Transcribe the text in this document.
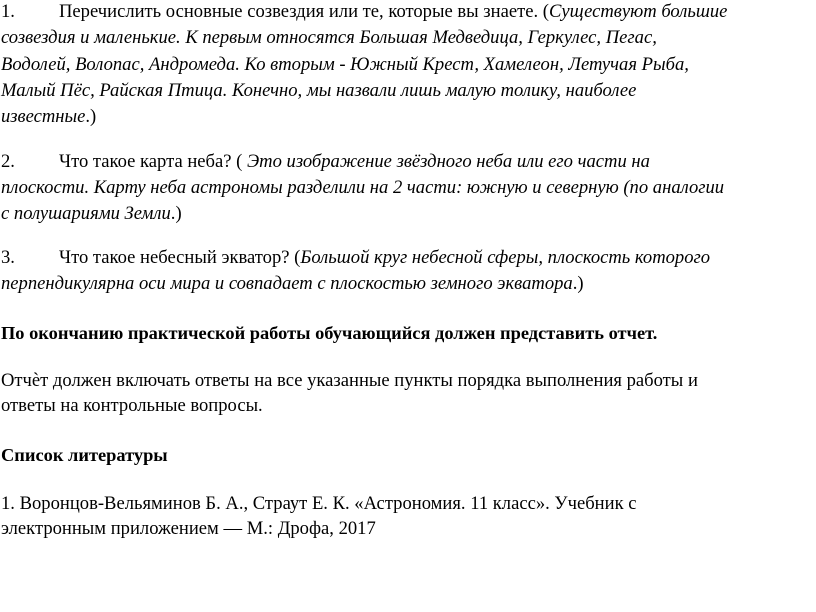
1. Перечислить основные созвездия или те, которые вы знаете. (Существуют большие
созвездия и маленькие. К первым относятся Большая Медведица, Геркулес, Пегас,
Водолей, Волопас, Андромеда. Ко вторым - Южный Крест, Хамелеон, Летучая Рыба,
Малый Пёс, Райская Птица. Конечно, мы назвали лишь малую толику, наиболее
известные.)
2. Что такое карта неба? ( Это изображение звёздного неба или его части на
плоскости. Карту неба астрономы разделили на 2 части: южную и северную (по аналогии
с полушариями Земли.)
3. Что такое небесный экватор? (Большой круг небесной сферы, плоскость которого
перпендикулярна оси мира и совпадает с плоскостью земного экватора.)
По окончанию практической работы обучающийся должен представить отчет.
Отчѐт должен включать ответы на все указанные пункты порядка выполнения работы и
ответы на контрольные вопросы.
Список литературы
1. Воронцов-Вельяминов Б. А., Страут Е. К. «Астрономия. 11 класс». Учебник с
электронным приложением — М.: Дрофа, 2017
